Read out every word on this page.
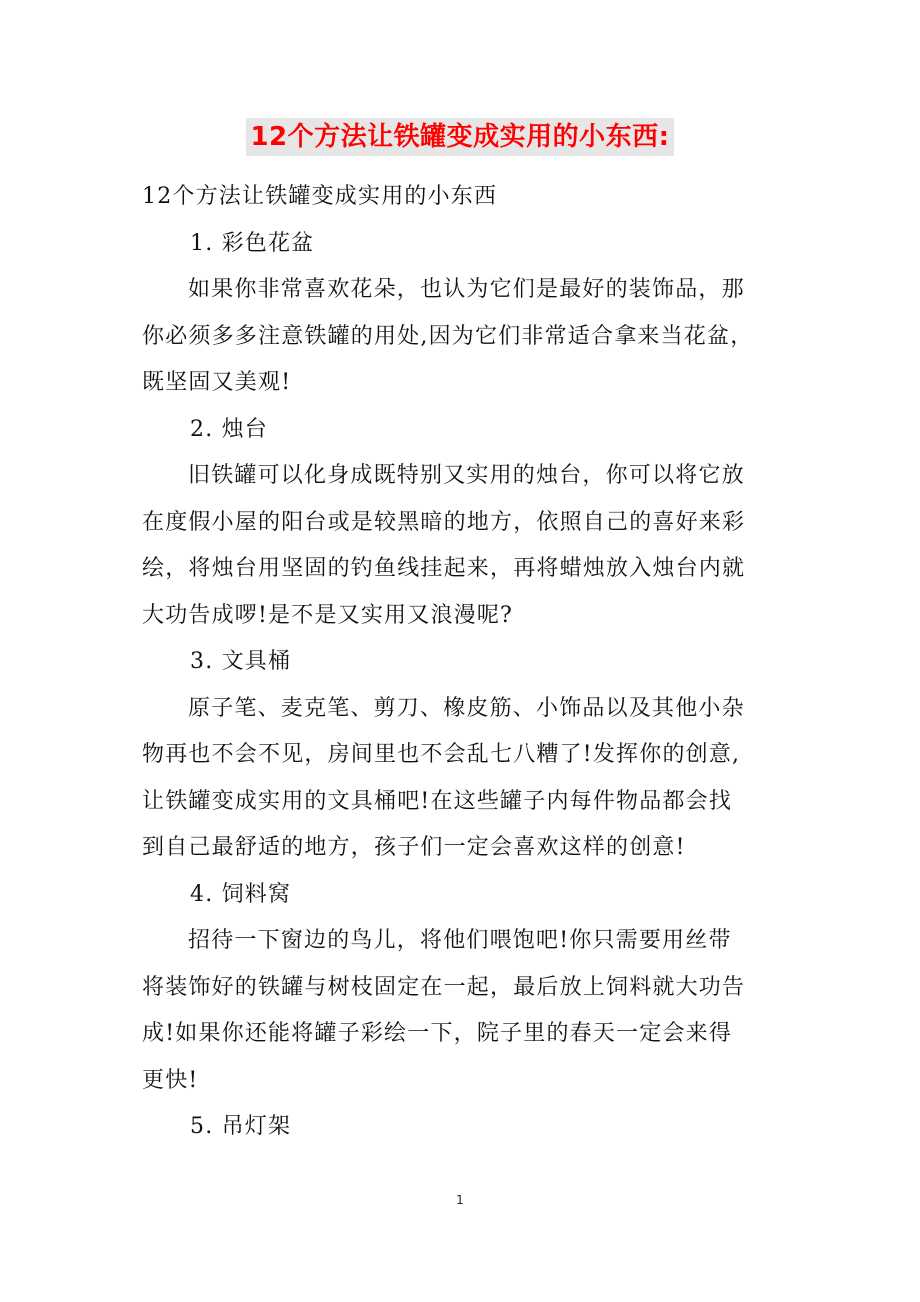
12个方法让铁罐变成实用的小东西:
12个方法让铁罐变成实用的小东西
1. 彩色花盆
如果你非常喜欢花朵，也认为它们是最好的装饰品，那
你必须多多注意铁罐的用处,因为它们非常适合拿来当花盆，
既坚固又美观!
2. 烛台
旧铁罐可以化身成既特别又实用的烛台，你可以将它放
在度假小屋的阳台或是较黑暗的地方，依照自己的喜好来彩
绘，将烛台用坚固的钓鱼线挂起来，再将蜡烛放入烛台内就
大功告成啰!是不是又实用又浪漫呢?
3. 文具桶
原子笔、麦克笔、剪刀、橡皮筋、小饰品以及其他小杂
物再也不会不见，房间里也不会乱七八糟了!发挥你的创意,
让铁罐变成实用的文具桶吧!在这些罐子内每件物品都会找
到自己最舒适的地方，孩子们一定会喜欢这样的创意!
4. 饲料窝
招待一下窗边的鸟儿，将他们喂饱吧!你只需要用丝带
将装饰好的铁罐与树枝固定在一起，最后放上饲料就大功告
成!如果你还能将罐子彩绘一下，院子里的春天一定会来得
更快!
5. 吊灯架
1
